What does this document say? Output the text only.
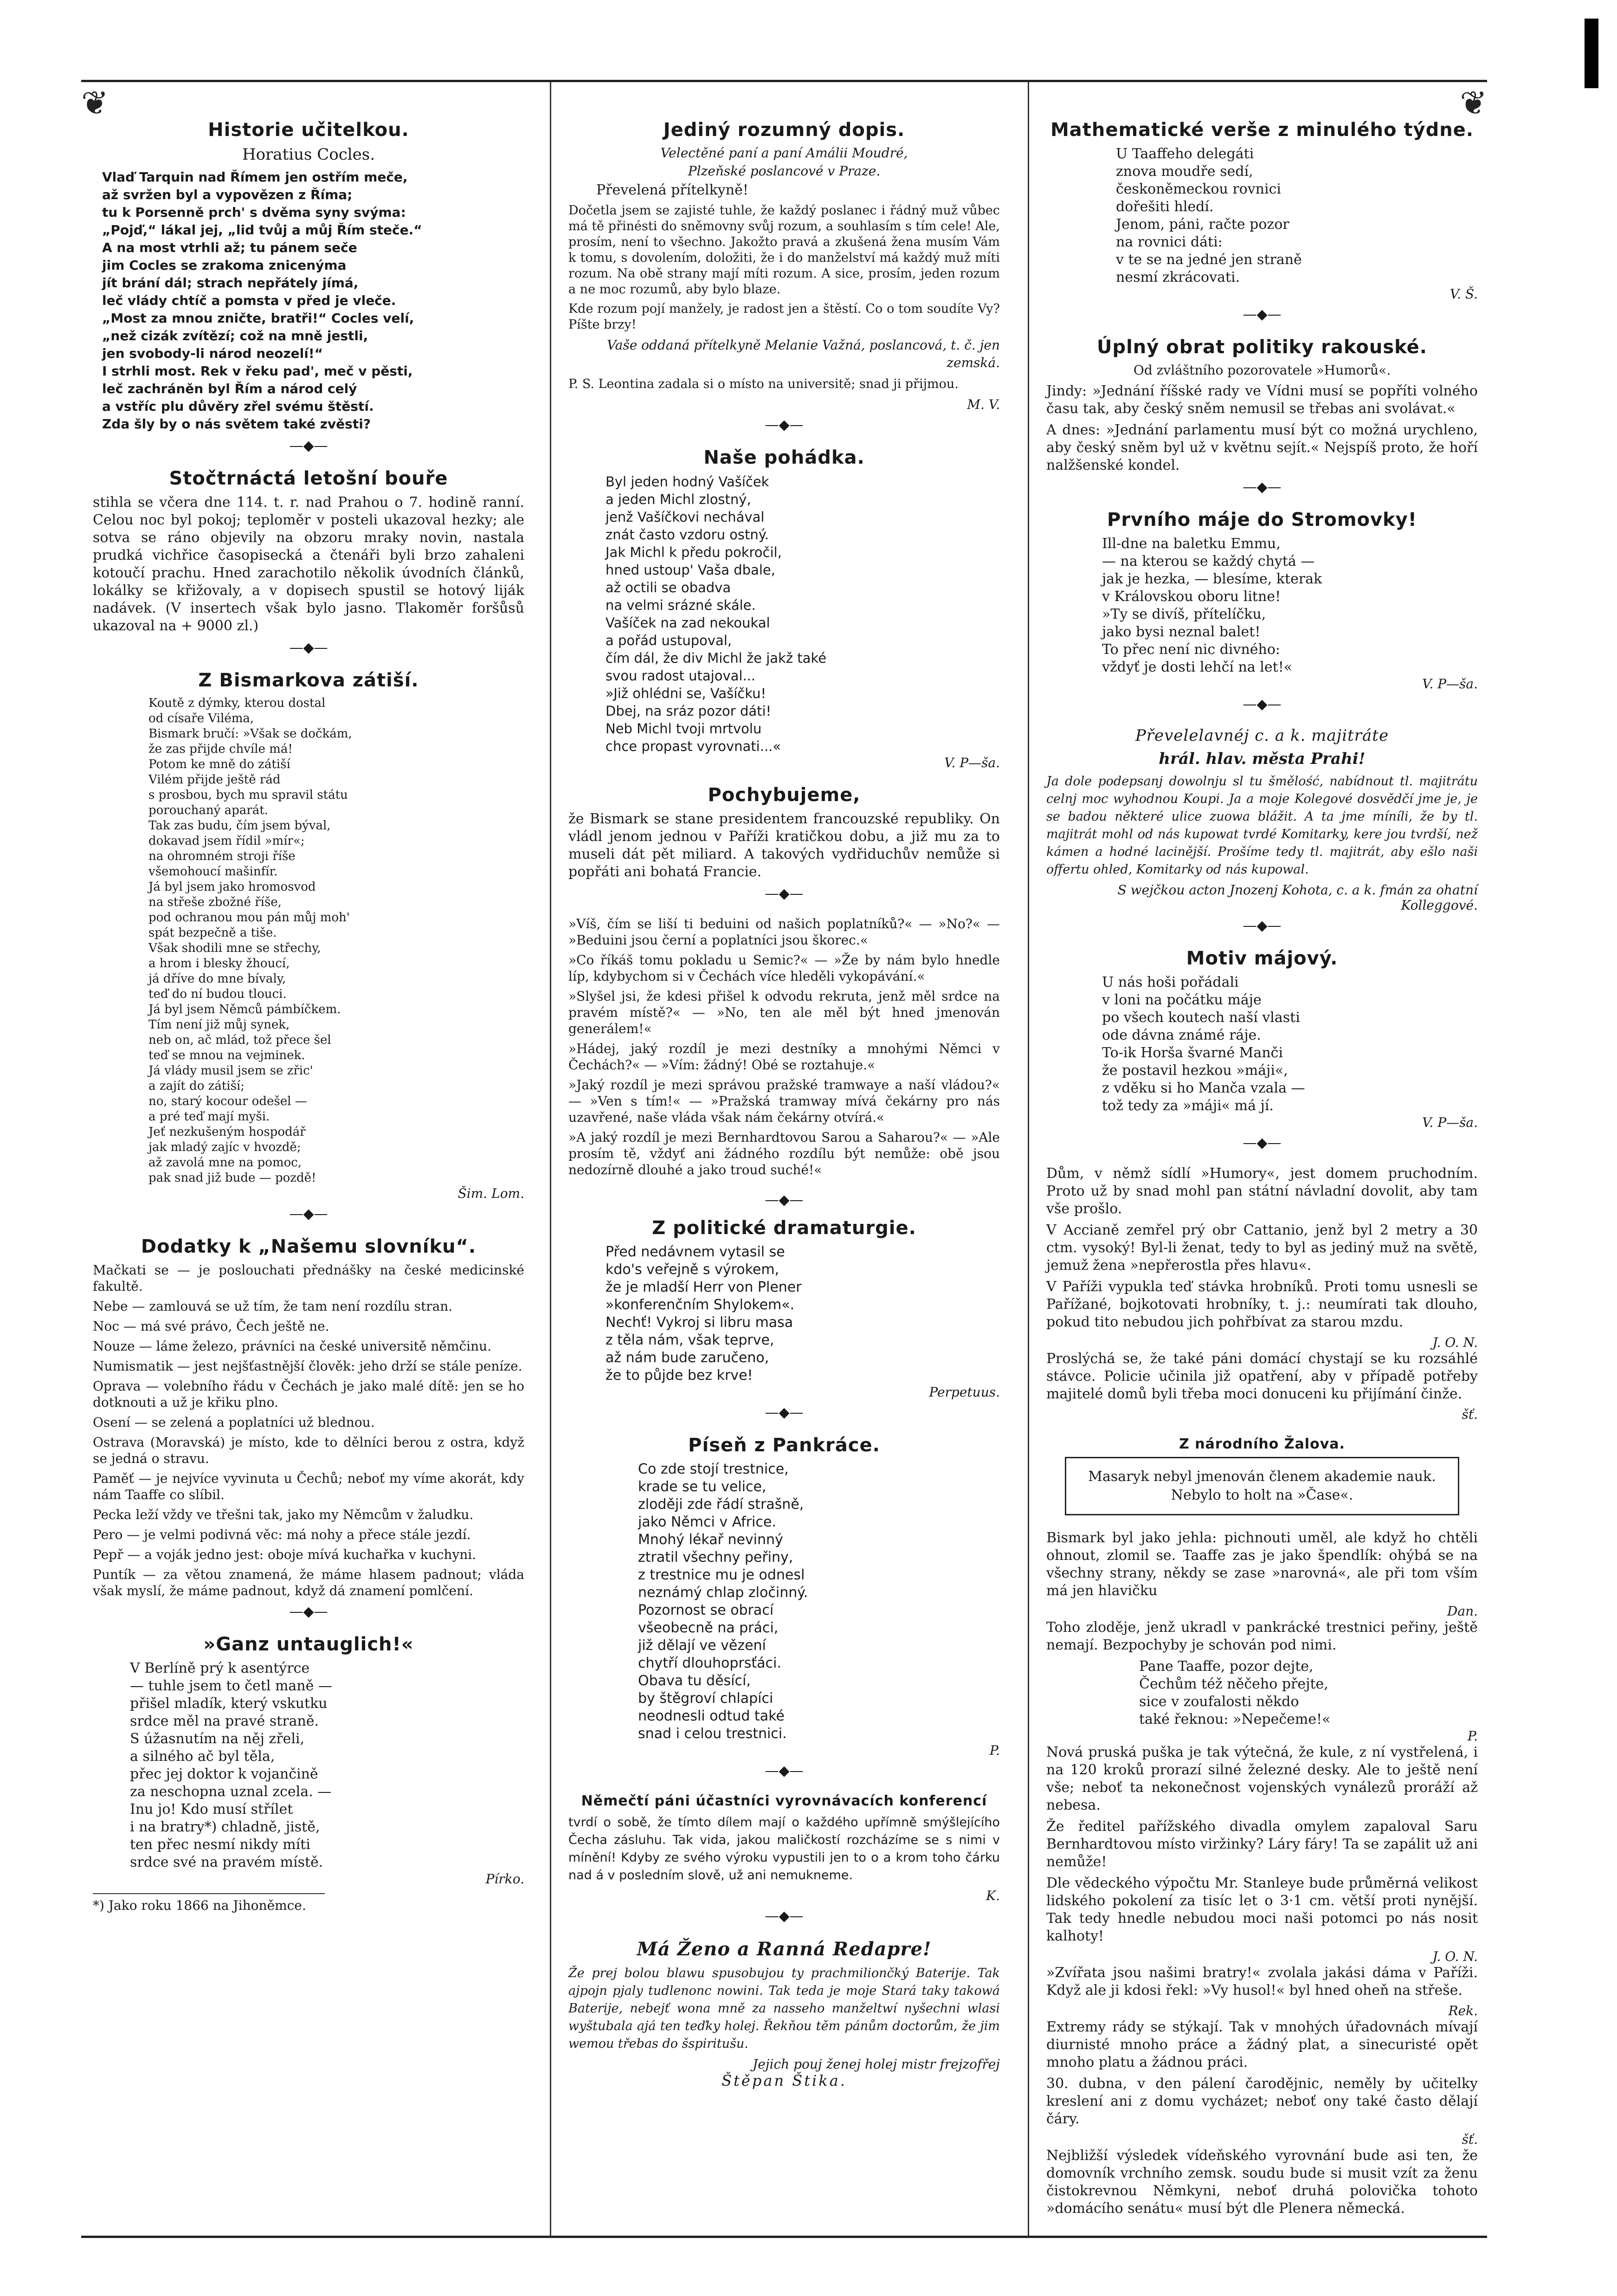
❦	❦
Historie učitelkou.
Horatius Cocles.
Vlaď Tarquin nad Římem jen ostřím meče,
až svržen byl a vypovězen z Říma;
tu k Porsenně prch' s dvěma syny svýma:
„Pojď,“ lákal jej, „lid tvůj a můj Řím steče.“
A na most vtrhli až; tu pánem seče
jim Cocles se zrakoma znicenýma
jít brání dál; strach nepřátely jímá,
leč vlády chtíč a pomsta v před je vleče.
„Most za mnou zničte, bratři!“ Cocles velí,
„než cizák zvítězí; což na mně jestli,
jen svobody-li národ neozelí!“
I strhli most. Rek v řeku pad', meč v pěsti,
leč zachráněn byl Řím a národ celý
a vstříc plu důvěry zřel svému štěstí.
Zda šly by o nás světem také zvěsti?
—◆—
Stočtrnáctá letošní bouře

stihla se včera dne 114. t. r. nad Prahou o 7. hodině ranní. Celou noc byl pokoj; teploměr v posteli ukazoval hezky; ale sotva se ráno objevily na obzoru mraky novin, nastala prudká vichřice časopisecká a čtenáři byli brzo zahaleni kotoučí prachu. Hned zarachotilo několik úvodních článků, lokálky se křižovaly, a v dopisech spustil se hotový liják nadávek. (V insertech však bylo jasno. Tlakoměr foršůsů ukazoval na + 9000 zl.)

—◆—
Z Bismarkova zátiší.
Koutě z dýmky, kterou dostal
od císaře Viléma,
Bismark bručí: »Však se dočkám,
že zas přijde chvíle má!
Potom ke mně do zátiší
Vilém přijde ještě rád
s prosbou, bych mu spravil státu
porouchaný aparát.
Tak zas budu, čím jsem býval,
dokavad jsem řídil »mír«;
na ohromném stroji říše
všemohoucí mašinfír.
Já byl jsem jako hromosvod
na střeše zbožné říše,
pod ochranou mou pán můj moh'
spát bezpečně a tiše.
Však shodili mne se střechy,
a hrom i blesky žhoucí,
já dříve do mne bívaly,
teď do ní budou tlouci.
Já byl jsem Němců pámbíčkem.
Tím není již můj synek,
neb on, ač mlád, tož přece šel
teď se mnou na vejminek.
Já vlády musil jsem se zřic'
a zajít do zátiší;
no, starý kocour odešel —
a pré teď mají myši.
Jeť nezkušeným hospodář
jak mladý zajíc v hvozdě;
až zavolá mne na pomoc,
pak snad již bude — pozdě!
Šim. Lom.
—◆—
Dodatky k „Našemu slovníku“.

Mačkati se — je poslouchati přednášky na české medicinské fakultě.

Nebe — zamlouvá se už tím, že tam není rozdílu stran.

Noc — má své právo, Čech ještě ne.

Nouze — láme železo, právníci na české universitě němčinu.

Numismatik — jest nejšťastnější člověk: jeho drží se stále peníze.

Oprava — volebního řádu v Čechách je jako malé dítě: jen se ho dotknouti a už je křiku plno.

Osení — se zelená a poplatníci už blednou.

Ostrava (Moravská) je místo, kde to dělníci berou z ostra, když se jedná o stravu.

Paměť — je nejvíce vyvinuta u Čechů; neboť my víme akorát, kdy nám Taaffe co slíbil.

Pecka leží vždy ve třešni tak, jako my Němcům v žaludku.

Pero — je velmi podivná věc: má nohy a přece stále jezdí.

Pepř — a voják jedno jest: oboje mívá kuchařka v kuchyni.

Puntík — za větou znamená, že máme hlasem padnout; vláda však myslí, že máme padnout, když dá znamení pomlčení.

—◆—
»Ganz untauglich!«
V Berlíně prý k asentýrce
— tuhle jsem to četl maně —
přišel mladík, který vskutku
srdce měl na pravé straně.
S úžasnutím na něj zřeli,
a silného ač byl těla,
přec jej doktor k vojančině
za neschopna uznal zcela. —
Inu jo! Kdo musí střílet
i na bratry*) chladně, jistě,
ten přec nesmí nikdy míti
srdce své na pravém místě.
Pírko.
*) Jako roku 1866 na Jihoněmce.
Jediný rozumný dopis.
Velectěné paní a paní Amálii Moudré,
Plzeňské poslancové v Praze.

Převelená přítelkyně!

Dočetla jsem se zajisté tuhle, že každý poslanec i řádný muž vůbec má tě přinésti do sněmovny svůj rozum, a souhlasím s tím cele! Ale, prosím, není to všechno. Jakožto pravá a zkušená žena musím Vám k tomu, s dovolením, doložiti, že i do manželství má každý muž míti rozum. Na obě strany mají míti rozum. A sice, prosím, jeden rozum a ne moc rozumů, aby bylo blaze.

Kde rozum pojí manžely, je radost jen a štěstí. Co o tom soudíte Vy? Píšte brzy!

Vaše oddaná přítelkyně Melanie Važná, poslancová, t. č. jen zemská.

P. S. Leontina zadala si o místo na universitě; snad ji přijmou.

M. V.
—◆—
Naše pohádka.
Byl jeden hodný Vašíček
a jeden Michl zlostný,
jenž Vašíčkovi nechával
znát často vzdoru ostný.
Jak Michl k předu pokročil,
hned ustoup' Vaša dbale,
až octili se obadva
na velmi srázné skále.
Vašíček na zad nekoukal
a pořád ustupoval,
čím dál, že div Michl že jakž také
svou radost utajoval...
»Již ohlédni se, Vašíčku!
Dbej, na sráz pozor dáti!
Neb Michl tvoji mrtvolu
chce propast vyrovnati...«
V. P—ša.
Pochybujeme,

že Bismark se stane presidentem francouzské republiky. On vládl jenom jednou v Paříži kratičkou dobu, a již mu za to museli dát pět miliard. A takových vydřiduchův nemůže si popřáti ani bohatá Francie.

—◆—

»Víš, čím se liší ti beduini od našich poplatníků?« — »No?« — »Beduini jsou černí a poplatníci jsou škorec.«

»Co říkáš tomu pokladu u Semic?« — »Že by nám bylo hnedle líp, kdybychom si v Čechách více hleděli vykopávání.«

»Slyšel jsi, že kdesi přišel k odvodu rekruta, jenž měl srdce na pravém místě?« — »No, ten ale měl být hned jmenován generálem!«

»Hádej, jaký rozdíl je mezi destníky a mnohými Němci v Čechách?« — »Vím: žádný! Obé se roztahuje.«

»Jaký rozdíl je mezi správou pražské tramwaye a naší vládou?« — »Ven s tím!« — »Pražská tramway mívá čekárny pro nás uzavřené, naše vláda však nám čekárny otvírá.«

»A jaký rozdíl je mezi Bernhardtovou Sarou a Saharou?« — »Ale prosím tě, vždyť ani žádného rozdílu být nemůže: obě jsou nedozírně dlouhé a jako troud suché!«

—◆—
Z politické dramaturgie.
Před nedávnem vytasil se
kdo's veřejně s výrokem,
že je mladší Herr von Plener
»konferenčním Shylokem«.
Nechť! Vykroj si libru masa
z těla nám, však teprve,
až nám bude zaručeno,
že to půjde bez krve!
Perpetuus.
—◆—
Píseň z Pankráce.
Co zde stojí trestnice,
krade se tu velice,
zloději zde řádí strašně,
jako Němci v Africe.
Mnohý lékař nevinný
ztratil všechny peřiny,
z trestnice mu je odnesl
neznámý chlap zločinný.
Pozornost se obrací
všeobecně na práci,
již dělají ve vězení
chytří dlouhoprsťáci.
Obava tu děsící,
by štěgroví chlapíci
neodnesli odtud také
snad i celou trestnici.
P.
—◆—
Němečtí páni účastníci vyrovnávacích konferencí

tvrdí o sobě, že tímto dílem mají o každého upřímně smýšlejícího Čecha zásluhu. Tak vida, jakou maličkostí rozcházíme se s nimi v mínění! Kdyby ze svého výroku vypustili jen to o a krom toho čárku nad á v posledním slově, už ani nemukneme.

K.
—◆—
Má Ženo a Ranná Redapre!

Že prej bolou blawu spusobujou ty prachmiliončký Baterije. Tak ajpojn pjaly tudlenonc nowini. Tak teda je moje Stará taky takowá Baterije, nebejť wona mně za nasseho manželtwí nyšechni wlasi wyštubala ajá ten teďky holej. Řekňou těm pánům doctorům, že jim wemou třebas do šspiritušu.

Jejich pouj ženej holej mistr frejzofřej
Štěpan Štika.
Mathematické verše z minulého týdne.
U Taaffeho delegáti
znova moudře sedí,
českoněmeckou rovnici
dořešiti hledí.
Jenom, páni, račte pozor
na rovnici dáti:
v te se na jedné jen straně
nesmí zkrácovati.
V. Š.
—◆—
Úplný obrat politiky rakouské.
Od zvláštního pozorovatele »Humorů«.

Jindy: »Jednání říšské rady ve Vídni musí se popříti volného času tak, aby český sněm nemusil se třebas ani svolávat.«

A dnes: »Jednání parlamentu musí být co možná urychleno, aby český sněm byl už v květnu sejít.« Nejspíš proto, že hoří nalžšenské kondel.

—◆—
Prvního máje do Stromovky!
Ill-dne na baletku Emmu,
— na kterou se každý chytá —
jak je hezka, — blesíme, kterak
v Královskou oboru litne!
»Ty se divíš, přítelíčku,
jako bysi neznal balet!
To přec není nic divného:
vždyť je dosti lehčí na let!«
V. P—ša.
—◆—
Převelelavnéj c. a k. majitráte
hrál. hlav. města Prahi!

Ja dole podepsanj dowolnju sl tu šmělość, nabídnout tl. majitrátu celnj moc wyhodnou Koupi. Ja a moje Kolegové dosvědčí jme je, je se badou některé ulice zuowa blážit. A ta jme míníli, že by tl. majitrát mohl od nás kupowat tvrdé Komitarky, kere jou tvrdší, než kámen a hodné lacinější. Prošíme tedy tl. majitrát, aby ešlo naši offertu ohled, Komitarky od nás kupowal.

S wejčkou acton Jnozenj Kohota, c. a k. fmán za ohatní Kolleggové.
—◆—
Motiv májový.
U nás hoši pořádali
v loni na počátku máje
po všech koutech naší vlasti
ode dávna známé ráje.
To-ik Horša švarné Manči
že postavil hezkou »máji«,
z vděku si ho Manča vzala —
tož tedy za »máji« má jí.
V. P—ša.
—◆—

Dům, v němž sídlí »Humory«, jest domem pruchodním. Proto už by snad mohl pan státní návladní dovolit, aby tam vše prošlo.

V Accianě zemřel prý obr Cattanio, jenž byl 2 metry a 30 ctm. vysoký! Byl-li ženat, tedy to byl as jediný muž na světě, jemuž žena »nepřerostla přes hlavu«.

V Paříži vypukla teď stávka hrobníků. Proti tomu usnesli se Pařížané, bojkotovati hrobníky, t. j.: neumírati tak dlouho, pokud tito nebudou jich pohřbívat za starou mzdu.

J. O. N.

Proslýchá se, že také páni domácí chystají se ku rozsáhlé stávce. Policie učinila již opatření, aby v případě potřeby majitelé domů byli třeba moci donuceni ku přijímání činže.

šť.
Z národního Žalova.
Masaryk nebyl jmenován členem akademie nauk.
Nebylo to holt na »Čase«.

Bismark byl jako jehla: pichnouti uměl, ale když ho chtěli ohnout, zlomil se. Taaffe zas je jako špendlík: ohýbá se na všechny strany, někdy se zase »narovná«, ale při tom vším má jen hlavičku

Dan.

Toho zloděje, jenž ukradl v pankrácké trestnici peřiny, ještě nemají. Bezpochyby je schován pod nimi.

Pane Taaffe, pozor dejte,
Čechům též něčeho přejte,
sice v zoufalosti někdo
také řeknou: »Nepečeme!«
P.

Nová pruská puška je tak výtečná, že kule, z ní vystřelená, i na 120 kroků prorazí silné železné desky. Ale to ještě není vše; neboť ta nekonečnost vojenských vynálezů proráží až nebesa.

Že ředitel pařížského divadla omylem zapaloval Saru Bernhardtovou místo viržinky? Láry fáry! Ta se zapálit už ani nemůže!

Dle vědeckého výpočtu Mr. Stanleye bude průměrná velikost lidského pokolení za tisíc let o 3·1 cm. větší proti nynější. Tak tedy hnedle nebudou moci naši potomci po nás nosit kalhoty!

J. O. N.

»Zvířata jsou našimi bratry!« zvolala jakási dáma v Paříži. Když ale ji kdosi řekl: »Vy husol!« byl hned oheň na střeše.

Rek.

Extremy rády se stýkají. Tak v mnohých úřadovnách mívají diurnisté mnoho práce a žádný plat, a sinecuristé opět mnoho platu a žádnou práci.

30. dubna, v den pálení čarodějnic, neměly by učitelky kreslení ani z domu vycházet; neboť ony také často dělají čáry.

šť.

Nejbližší výsledek vídeňského vyrovnání bude asi ten, že domovník vrchního zemsk. soudu bude si musit vzít za ženu čistokrevnou Němkyni, neboť druhá polovička tohoto »domácího senátu« musí být dle Plenera německá.
